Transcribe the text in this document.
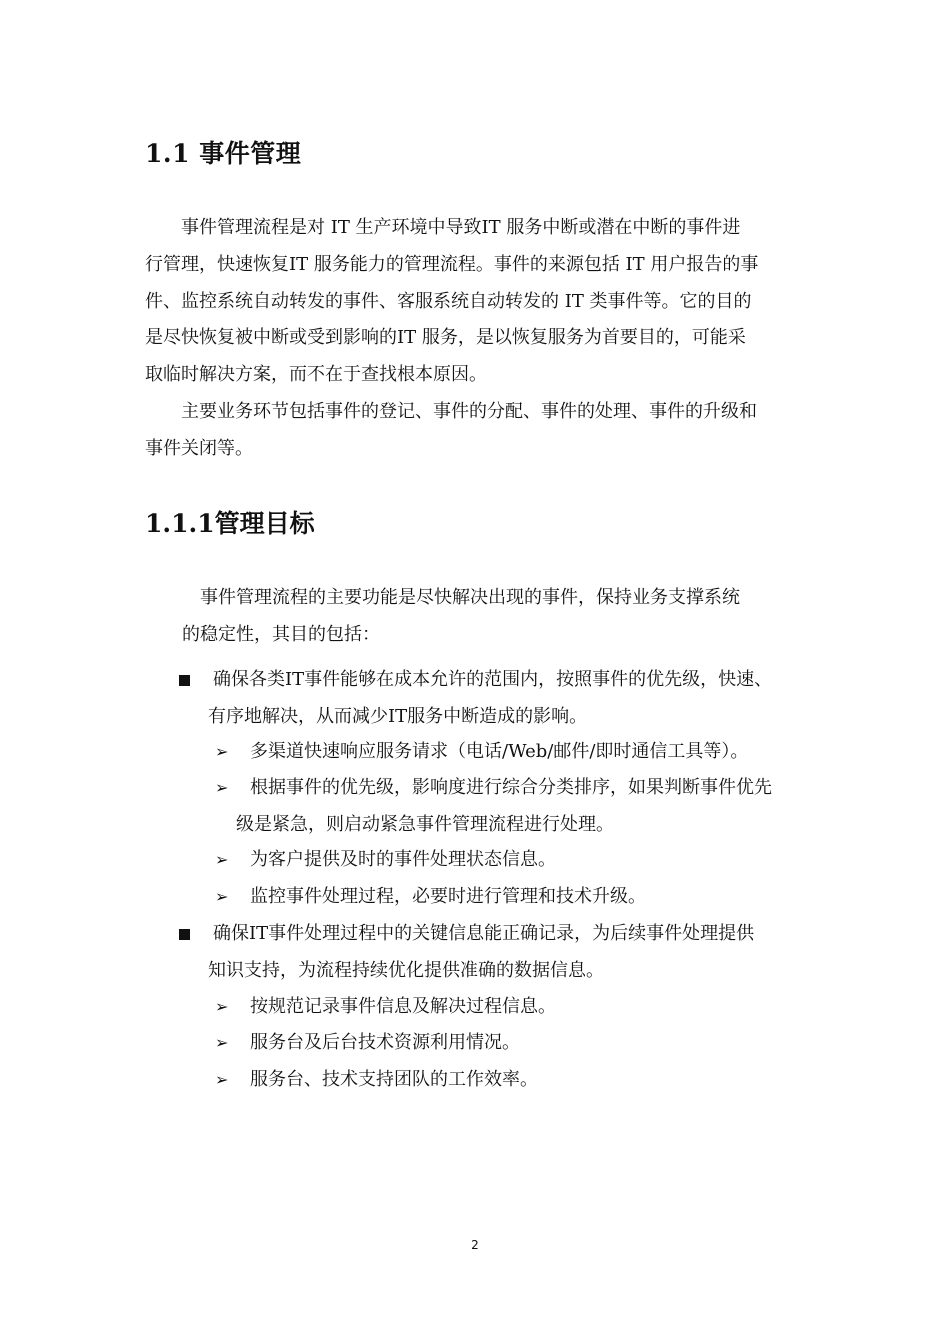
1.1 事件管理

　　事件管理流程是对 IT 生产环境中导致IT 服务中断或潜在中断的事件进
行管理，快速恢复IT 服务能力的管理流程。事件的来源包括 IT 用户报告的事
件、监控系统自动转发的事件、客服系统自动转发的 IT 类事件等。它的目的
是尽快恢复被中断或受到影响的IT 服务，是以恢复服务为首要目的，可能采
取临时解决方案，而不在于查找根本原因。

　　主要业务环节包括事件的登记、事件的分配、事件的处理、事件的升级和
事件关闭等。

1.1.1管理目标

　事件管理流程的主要功能是尽快解决出现的事件，保持业务支撑系统
的稳定性，其目的包括：

确保各类IT事件能够在成本允许的范围内，按照事件的优先级，快速、
有序地解决，从而减少IT服务中断造成的影响。
➢ 多渠道快速响应服务请求（电话/Web/邮件/即时通信工具等）。
➢ 根据事件的优先级，影响度进行综合分类排序，如果判断事件优先
级是紧急，则启动紧急事件管理流程进行处理。
➢ 为客户提供及时的事件处理状态信息。
➢ 监控事件处理过程，必要时进行管理和技术升级。
确保IT事件处理过程中的关键信息能正确记录，为后续事件处理提供
知识支持，为流程持续优化提供准确的数据信息。
➢ 按规范记录事件信息及解决过程信息。
➢ 服务台及后台技术资源利用情况。
➢ 服务台、技术支持团队的工作效率。
2
